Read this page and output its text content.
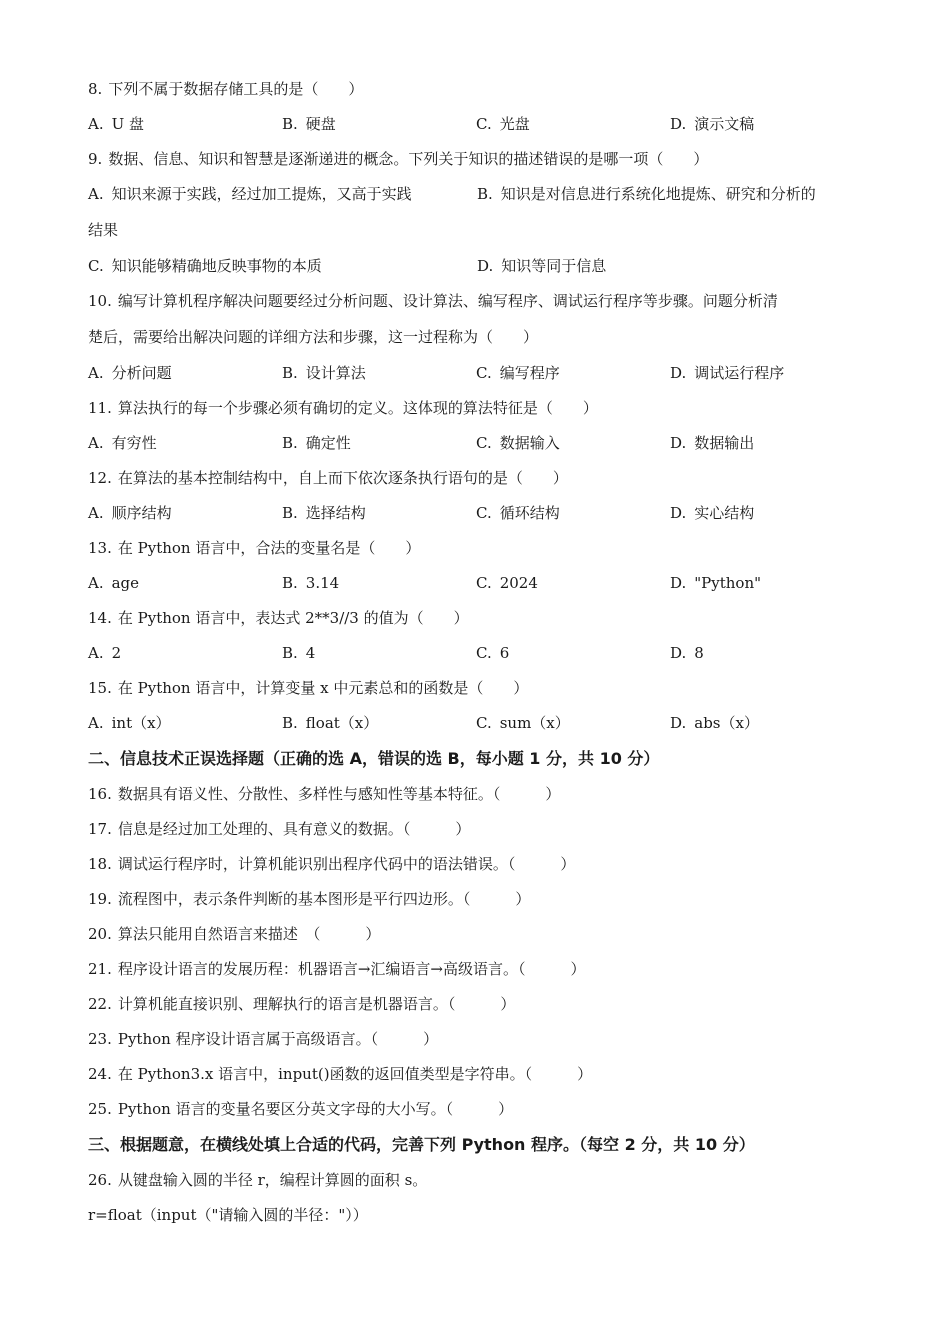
8. 下列不属于数据存储工具的是（　　）
A. U 盘	B. 硬盘	C. 光盘	D. 演示文稿
9. 数据、信息、知识和智慧是逐渐递进的概念。下列关于知识的描述错误的是哪一项（　　）
A. 知识来源于实践，经过加工提炼，又高于实践	B. 知识是对信息进行系统化地提炼、研究和分析的
结果
C. 知识能够精确地反映事物的本质	D. 知识等同于信息
10. 编写计算机程序解决问题要经过分析问题、设计算法、编写程序、调试运行程序等步骤。问题分析清
楚后，需要给出解决问题的详细方法和步骤，这一过程称为（　　）
A. 分析问题	B. 设计算法	C. 编写程序	D. 调试运行程序
11. 算法执行的每一个步骤必须有确切的定义。这体现的算法特征是（　　）
A. 有穷性	B. 确定性	C. 数据输入	D. 数据输出
12. 在算法的基本控制结构中，自上而下依次逐条执行语句的是（　　）
A. 顺序结构	B. 选择结构	C. 循环结构	D. 实心结构
13. 在 Python 语言中，合法的变量名是（　　）
A. age	B. 3.14	C. 2024	D. "Python"
14. 在 Python 语言中，表达式 2**3//3 的值为（　　）
A. 2	B. 4	C. 6	D. 8
15. 在 Python 语言中，计算变量 x 中元素总和的函数是（　　）
A. int（x）	B. float（x）	C. sum（x）	D. abs（x）
二、信息技术正误选择题（正确的选 A，错误的选 B，每小题 1 分，共 10 分）
16. 数据具有语义性、分散性、多样性与感知性等基本特征。（　　　）
17. 信息是经过加工处理的、具有意义的数据。（　　　）
18. 调试运行程序时，计算机能识别出程序代码中的语法错误。（　　　）
19. 流程图中，表示条件判断的基本图形是平行四边形。（　　　）
20. 算法只能用自然语言来描述　（　　　）
21. 程序设计语言的发展历程：机器语言→汇编语言→高级语言。（　　　）
22. 计算机能直接识别、理解执行的语言是机器语言。（　　　）
23. Python 程序设计语言属于高级语言。（　　　）
24. 在 Python3.x 语言中，input()函数的返回值类型是字符串。（　　　）
25. Python 语言的变量名要区分英文字母的大小写。（　　　）
三、根据题意，在横线处填上合适的代码，完善下列 Python 程序。（每空 2 分，共 10 分）
26. 从键盘输入圆的半径 r，编程计算圆的面积 s。
r=float（input（"请输入圆的半径："））
